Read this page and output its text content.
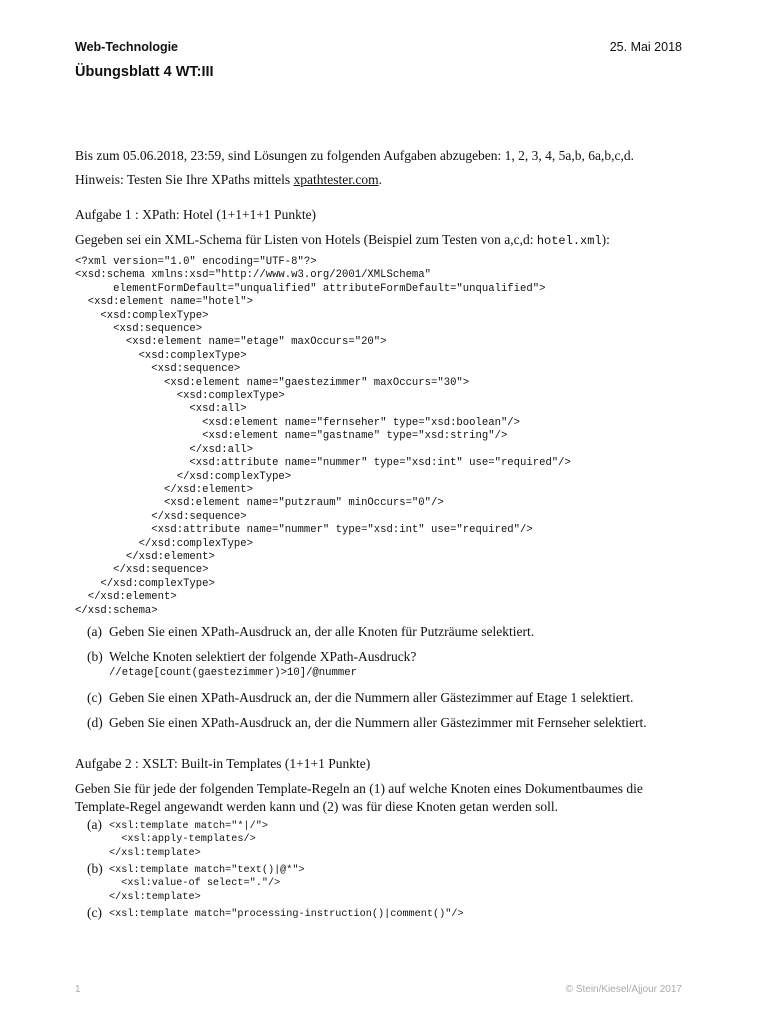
Web-Technologie	25. Mai 2018
Übungsblatt 4 WT:III
Bis zum 05.06.2018, 23:59, sind Lösungen zu folgenden Aufgaben abzugeben: 1, 2, 3, 4, 5a,b, 6a,b,c,d.
Hinweis: Testen Sie Ihre XPaths mittels xpathtester.com.
Aufgabe 1 : XPath: Hotel (1+1+1+1 Punkte)
Gegeben sei ein XML-Schema für Listen von Hotels (Beispiel zum Testen von a,c,d: hotel.xml):
<?xml version="1.0" encoding="UTF-8"?>
<xsd:schema xmlns:xsd="http://www.w3.org/2001/XMLSchema"
elementFormDefault="unqualified" attributeFormDefault="unqualified">
<xsd:element name="hotel">
<xsd:complexType>
<xsd:sequence>
<xsd:element name="etage" maxOccurs="20">
<xsd:complexType>
<xsd:sequence>
<xsd:element name="gaestezimmer" maxOccurs="30">
<xsd:complexType>
<xsd:all>
<xsd:element name="fernseher" type="xsd:boolean"/>
<xsd:element name="gastname" type="xsd:string"/>
</xsd:all>
<xsd:attribute name="nummer" type="xsd:int" use="required"/>
</xsd:complexType>
</xsd:element>
<xsd:element name="putzraum" minOccurs="0"/>
</xsd:sequence>
<xsd:attribute name="nummer" type="xsd:int" use="required"/>
</xsd:complexType>
</xsd:element>
</xsd:sequence>
</xsd:complexType>
</xsd:element>
</xsd:schema>
(a) Geben Sie einen XPath-Ausdruck an, der alle Knoten für Putzräume selektiert.
(b) Welche Knoten selektiert der folgende XPath-Ausdruck?
//etage[count(gaestezimmer)>10]/@nummer
(c) Geben Sie einen XPath-Ausdruck an, der die Nummern aller Gästezimmer auf Etage 1 selektiert.
(d) Geben Sie einen XPath-Ausdruck an, der die Nummern aller Gästezimmer mit Fernseher selektiert.
Aufgabe 2 : XSLT: Built-in Templates (1+1+1 Punkte)
Geben Sie für jede der folgenden Template-Regeln an (1) auf welche Knoten eines Dokumentbaumes die
Template-Regel angewandt werden kann und (2) was für diese Knoten getan werden soll.
(a) <xsl:template match="*|/">
<xsl:apply-templates/>
</xsl:template>
(b) <xsl:template match="text()|@*">
<xsl:value-of select="."/>
</xsl:template>
(c) <xsl:template match="processing-instruction()|comment()"/>
1	© Stein/Kiesel/Ajjour 2017
